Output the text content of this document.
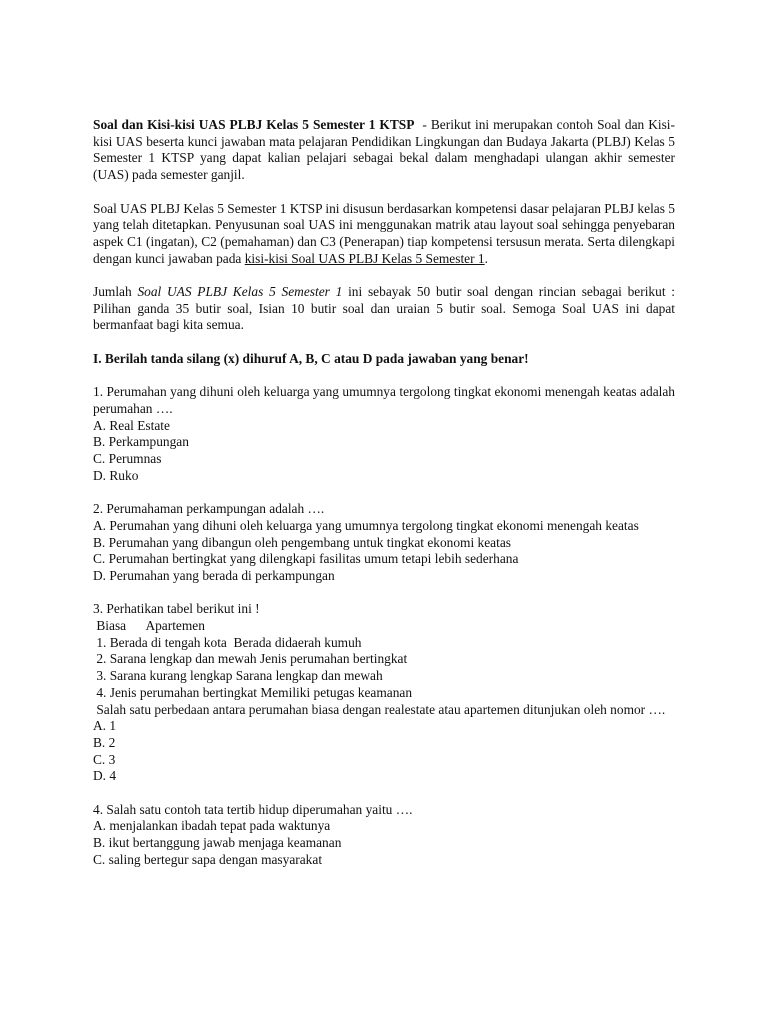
Soal dan Kisi-kisi UAS PLBJ Kelas 5 Semester 1 KTSP - Berikut ini merupakan contoh Soal dan Kisi-kisi UAS beserta kunci jawaban mata pelajaran Pendidikan Lingkungan dan Budaya Jakarta (PLBJ) Kelas 5 Semester 1 KTSP yang dapat kalian pelajari sebagai bekal dalam menghadapi ulangan akhir semester (UAS) pada semester ganjil.

Soal UAS PLBJ Kelas 5 Semester 1 KTSP ini disusun berdasarkan kompetensi dasar pelajaran PLBJ kelas 5 yang telah ditetapkan. Penyusunan soal UAS ini menggunakan matrik atau layout soal sehingga penyebaran aspek C1 (ingatan), C2 (pemahaman) dan C3 (Penerapan) tiap kompetensi tersusun merata. Serta dilengkapi dengan kunci jawaban pada kisi-kisi Soal UAS PLBJ Kelas 5 Semester 1.

Jumlah Soal UAS PLBJ Kelas 5 Semester 1 ini sebayak 50 butir soal dengan rincian sebagai berikut : Pilihan ganda 35 butir soal, Isian 10 butir soal dan uraian 5 butir soal. Semoga Soal UAS ini dapat bermanfaat bagi kita semua.

I. Berilah tanda silang (x) dihuruf A, B, C atau D pada jawaban yang benar!

1. Perumahan yang dihuni oleh keluarga yang umumnya tergolong tingkat ekonomi menengah keatas adalah perumahan ….

A. Real Estate
B. Perkampungan
C. Perumnas
D. Ruko

2. Perumahaman perkampungan adalah ….

A. Perumahan yang dihuni oleh keluarga yang umumnya tergolong tingkat ekonomi menengah keatas

B. Perumahan yang dibangun oleh pengembang untuk tingkat ekonomi keatas
C. Perumahan bertingkat yang dilengkapi fasilitas umum tetapi lebih sederhana
D. Perumahan yang berada di perkampungan

3. Perhatikan tabel berikut ini !

Biasa      Apartemen
1. Berada di tengah kota  Berada didaerah kumuh
2. Sarana lengkap dan mewah Jenis perumahan bertingkat
3. Sarana kurang lengkap Sarana lengkap dan mewah
4. Jenis perumahan bertingkat Memiliki petugas keamanan

Salah satu perbedaan antara perumahan biasa dengan realestate atau apartemen ditunjukan oleh nomor ….

A. 1
B. 2
C. 3
D. 4

4. Salah satu contoh tata tertib hidup diperumahan yaitu ….

A. menjalankan ibadah tepat pada waktunya
B. ikut bertanggung jawab menjaga keamanan
C. saling bertegur sapa dengan masyarakat
